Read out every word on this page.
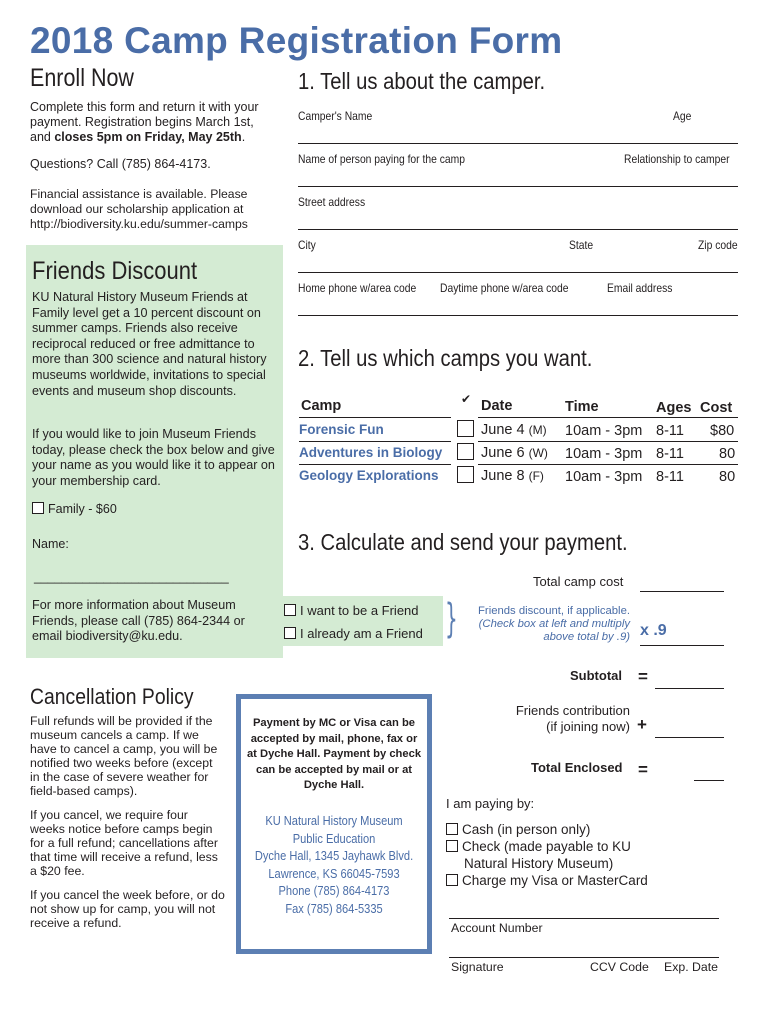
2018 Camp Registration Form
Enroll Now
Complete this form and return it with your payment. Registration begins March 1st, and closes 5pm on Friday, May 25th.
Questions? Call (785) 864-4173.
Financial assistance is available. Please download our scholarship application at http://biodiversity.ku.edu/summer-camps
Friends Discount
KU Natural History Museum Friends at Family level get a 10 percent discount on summer camps. Friends also receive reciprocal reduced or free admittance to more than 300 science and natural history museums worldwide, invitations to special events and museum shop discounts.
If you would like to join Museum Friends today, please check the box below and give your name as you would like it to appear on your membership card.
Family - $60
Name:
____________________________
For more information about Museum Friends, please call (785) 864-2344 or email biodiversity@ku.edu.
I want to be a Friend
I already am a Friend }
1. Tell us about the camper.
Camper's Name	Age
Name of person paying for the camp	Relationship to camper
Street address
City	State	Zip code
Home phone w/area code Daytime phone w/area code	Email address
2. Tell us which camps you want.
Camp	✔ Date	Time	Ages Cost
Forensic Fun	June 4 (M) 10am - 3pm 8-11 $80
Adventures in Biology	June 6 (W) 10am - 3pm 8-11 80
Geology Explorations	June 8 (F) 10am - 3pm 8-11 80
3. Calculate and send your payment.
Total camp cost
Friends discount, if applicable.
(Check box at left and multiply
above total by .9) x .9
Subtotal =
Friends contribution
(if joining now) +
Total Enclosed =
I am paying by:
Cash (in person only)
Check (made payable to KU
Natural History Museum)
Charge my Visa or MasterCard
Account Number
Signature	CCV Code Exp. Date
Payment by MC or Visa can be accepted by mail, phone, fax or at Dyche Hall. Payment by check can be accepted by mail or at Dyche Hall.
KU Natural History Museum
Public Education
Dyche Hall, 1345 Jayhawk Blvd.
Lawrence, KS 66045-7593
Phone (785) 864-4173
Fax (785) 864-5335
Cancellation Policy
Full refunds will be provided if the museum cancels a camp. If we have to cancel a camp, you will be notified two weeks before (except in the case of severe weather for field-based camps).
If you cancel, we require four weeks notice before camps begin for a full refund; cancellations after that time will receive a refund, less a $20 fee.
If you cancel the week before, or do not show up for camp, you will not receive a refund.
